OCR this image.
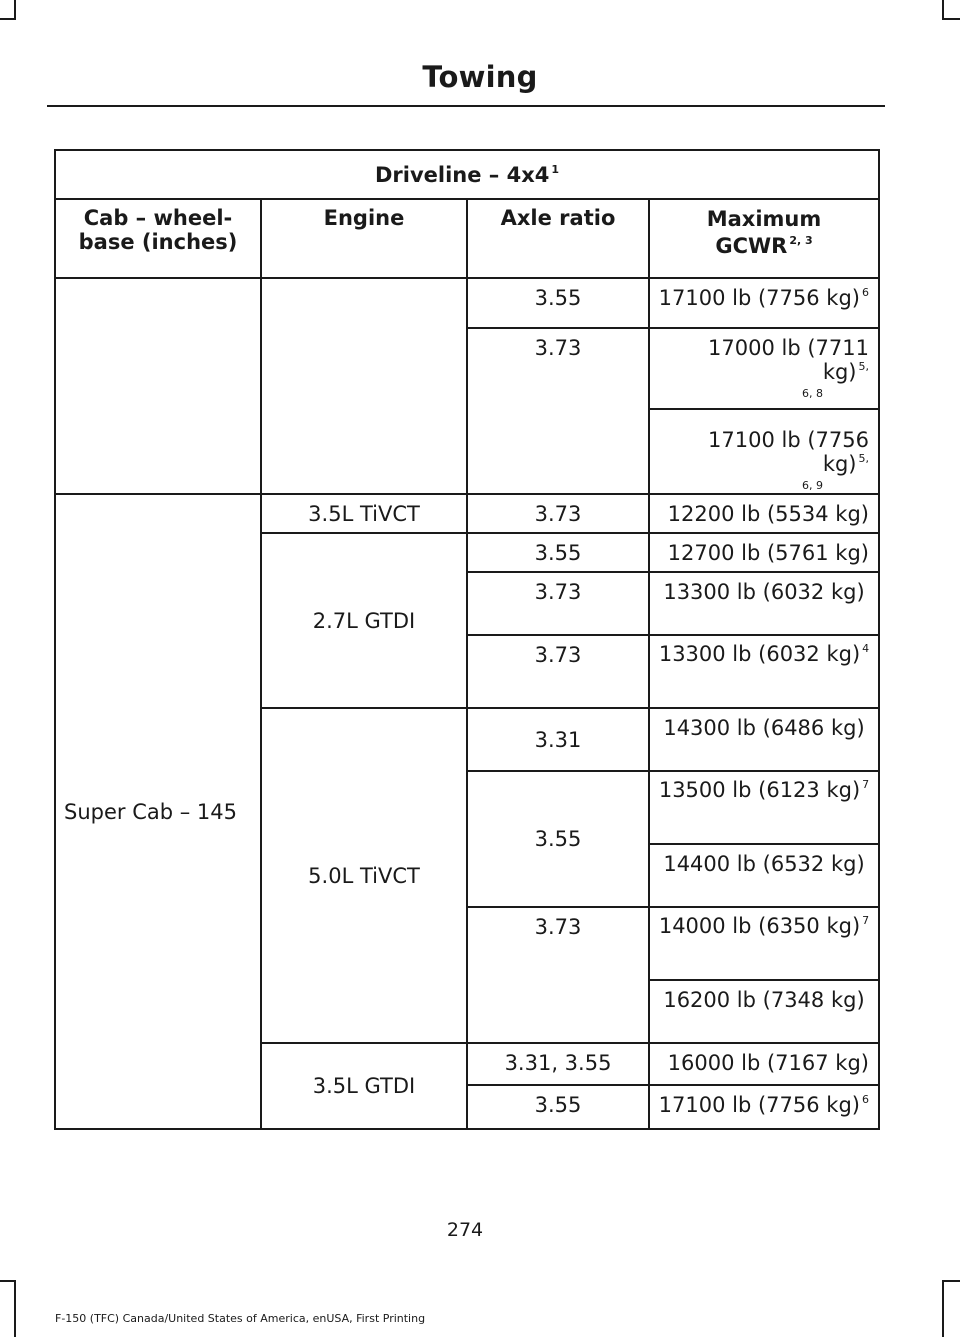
Towing
Driveline – 4x4 $^1$
Cab – wheel-base (inches)	Engine	Axle ratio	Maximum
GCWR $^{2, 3}$
		3.55	17100 lb (7756 kg) $^6$
		3.73	17000 lb (7711 kg) $^{5,}$
6, 8

			17100 lb (7756 kg) $^{5,}$
6, 9

Super Cab – 145	3.5L TiVCT	3.73	12200 lb (5534 kg)
	2.7L GTDI	3.55	12700 lb (5761 kg)
		3.73	13300 lb (6032 kg)
		3.73	13300 lb (6032 kg) $^4$
	5.0L TiVCT	3.31	14300 lb (6486 kg)
		3.55	13500 lb (6123 kg) $^7$
			14400 lb (6532 kg)
		3.73	14000 lb (6350 kg) $^7$
			16200 lb (7348 kg)
	3.5L GTDI	3.31, 3.55	16000 lb (7167 kg)
		3.55	17100 lb (7756 kg) $^6$
274
F-150 (TFC) Canada/United States of America, enUSA, First Printing
